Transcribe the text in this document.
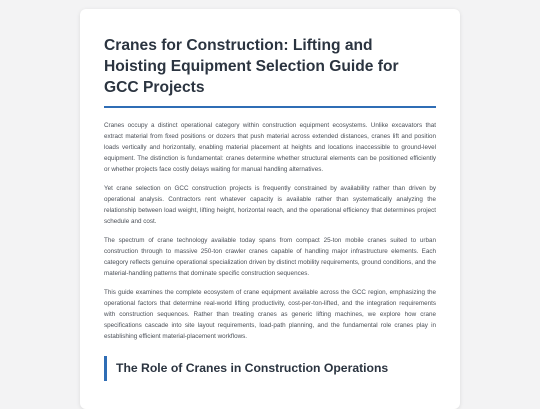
Cranes for Construction: Lifting and Hoisting Equipment Selection Guide for GCC Projects

Cranes occupy a distinct operational category within construction equipment ecosystems. Unlike excavators that extract material from fixed positions or dozers that push material across extended distances, cranes lift and position loads vertically and horizontally, enabling material placement at heights and locations inaccessible to ground-level equipment. The distinction is fundamental: cranes determine whether structural elements can be positioned efficiently or whether projects face costly delays waiting for manual handling alternatives.

Yet crane selection on GCC construction projects is frequently constrained by availability rather than driven by operational analysis. Contractors rent whatever capacity is available rather than systematically analyzing the relationship between load weight, lifting height, horizontal reach, and the operational efficiency that determines project schedule and cost.

The spectrum of crane technology available today spans from compact 25-ton mobile cranes suited to urban construction through to massive 250-ton crawler cranes capable of handling major infrastructure elements. Each category reflects genuine operational specialization driven by distinct mobility requirements, ground conditions, and the material-handling patterns that dominate specific construction sequences.

This guide examines the complete ecosystem of crane equipment available across the GCC region, emphasizing the operational factors that determine real-world lifting productivity, cost-per-ton-lifted, and the integration requirements with construction sequences. Rather than treating cranes as generic lifting machines, we explore how crane specifications cascade into site layout requirements, load-path planning, and the fundamental role cranes play in establishing efficient material-placement workflows.

The Role of Cranes in Construction Operations
